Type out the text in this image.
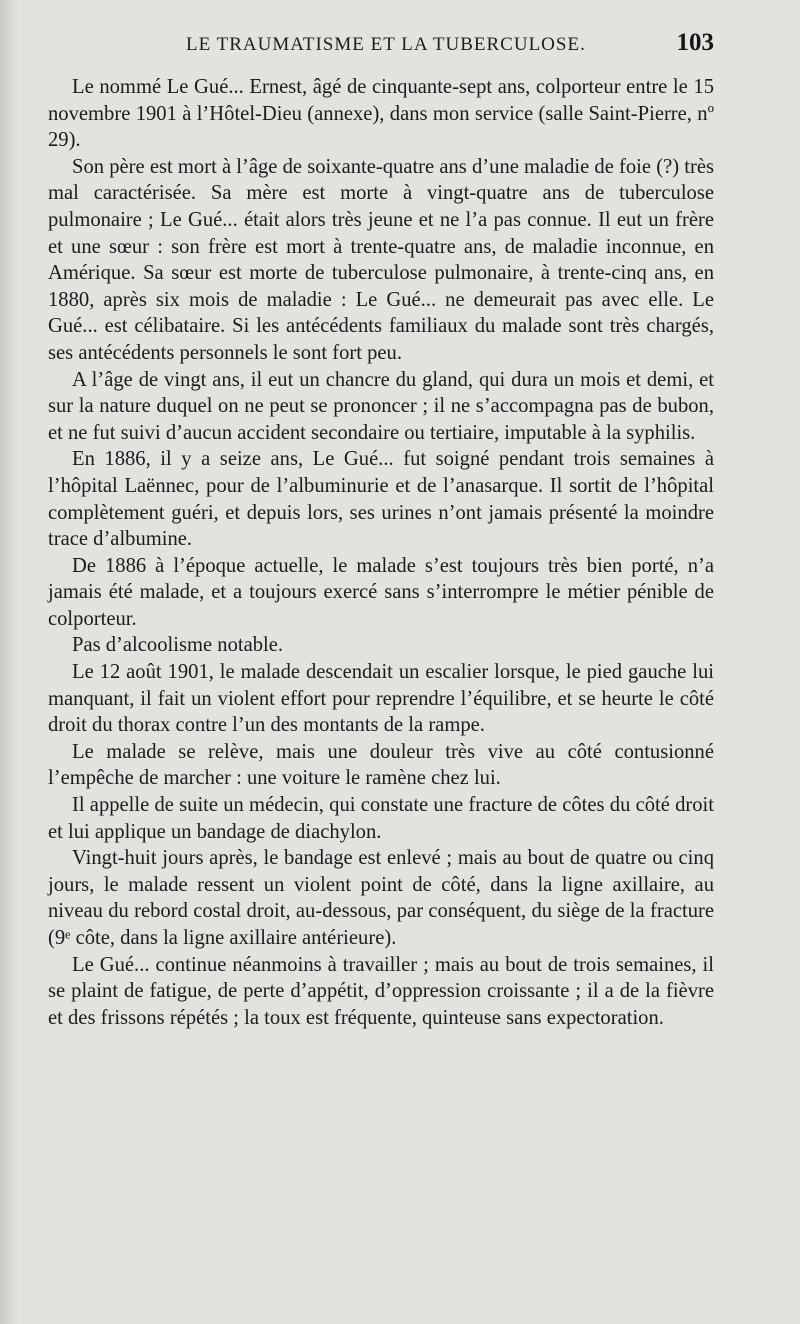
LE TRAUMATISME ET LA TUBERCULOSE.	103

Le nommé Le Gué... Ernest, âgé de cinquante-sept ans, colporteur entre le 15 novembre 1901 à l’Hôtel-Dieu (annexe), dans mon service (salle Saint-Pierre, nº 29).

Son père est mort à l’âge de soixante-quatre ans d’une maladie de foie (?) très mal caractérisée. Sa mère est morte à vingt-quatre ans de tuberculose pulmonaire ; Le Gué... était alors très jeune et ne l’a pas connue. Il eut un frère et une sœur : son frère est mort à trente-quatre ans, de maladie inconnue, en Amérique. Sa sœur est morte de tuberculose pulmonaire, à trente-cinq ans, en 1880, après six mois de maladie : Le Gué... ne demeurait pas avec elle. Le Gué... est célibataire. Si les antécédents familiaux du malade sont très chargés, ses antécédents personnels le sont fort peu.

A l’âge de vingt ans, il eut un chancre du gland, qui dura un mois et demi, et sur la nature duquel on ne peut se prononcer ; il ne s’accompagna pas de bubon, et ne fut suivi d’aucun accident secondaire ou tertiaire, imputable à la syphilis.

En 1886, il y a seize ans, Le Gué... fut soigné pendant trois semaines à l’hôpital Laënnec, pour de l’albuminurie et de l’anasarque. Il sortit de l’hôpital complètement guéri, et depuis lors, ses urines n’ont jamais présenté la moindre trace d’albumine.

De 1886 à l’époque actuelle, le malade s’est toujours très bien porté, n’a jamais été malade, et a toujours exercé sans s’interrompre le métier pénible de colporteur.

Pas d’alcoolisme notable.

Le 12 août 1901, le malade descendait un escalier lorsque, le pied gauche lui manquant, il fait un violent effort pour reprendre l’équilibre, et se heurte le côté droit du thorax contre l’un des montants de la rampe.

Le malade se relève, mais une douleur très vive au côté contusionné l’empêche de marcher : une voiture le ramène chez lui.

Il appelle de suite un médecin, qui constate une fracture de côtes du côté droit et lui applique un bandage de diachylon.

Vingt-huit jours après, le bandage est enlevé ; mais au bout de quatre ou cinq jours, le malade ressent un violent point de côté, dans la ligne axillaire, au niveau du rebord costal droit, au-dessous, par conséquent, du siège de la fracture (9ᵉ côte, dans la ligne axillaire antérieure).

Le Gué... continue néanmoins à travailler ; mais au bout de trois semaines, il se plaint de fatigue, de perte d’appétit, d’oppression croissante ; il a de la fièvre et des frissons répétés ; la toux est fréquente, quinteuse sans expectoration.
